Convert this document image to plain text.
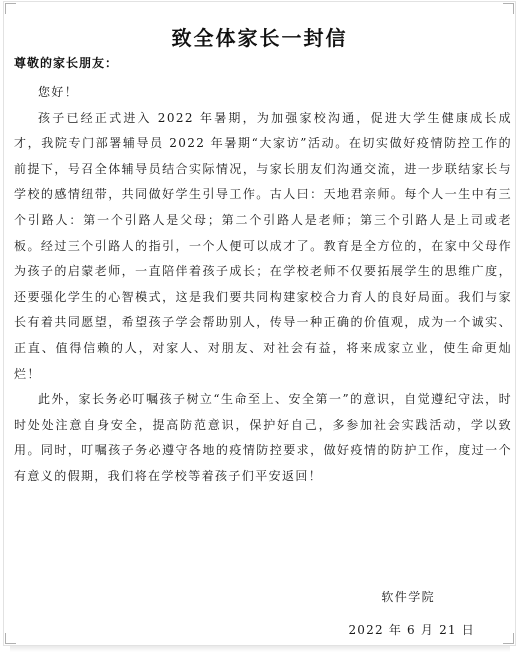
致全体家长一封信
尊敬的家长朋友：

您好！

孩子已经正式进入 2022 年暑期，为加强家校沟通，促进大学生健康成长成才，我院专门部署辅导员 2022 年暑期“大家访”活动。在切实做好疫情防控工作的前提下，号召全体辅导员结合实际情况，与家长朋友们沟通交流，进一步联结家长与学校的感情纽带，共同做好学生引导工作。古人曰：天地君亲师。每个人一生中有三个引路人：第一个引路人是父母；第二个引路人是老师；第三个引路人是上司或老板。经过三个引路人的指引，一个人便可以成才了。教育是全方位的，在家中父母作为孩子的启蒙老师，一直陪伴着孩子成长；在学校老师不仅要拓展学生的思维广度，还要强化学生的心智模式，这是我们要共同构建家校合力育人的良好局面。我们与家长有着共同愿望，希望孩子学会帮助别人，传导一种正确的价值观，成为一个诚实、正直、值得信赖的人，对家人、对朋友、对社会有益，将来成家立业，使生命更灿烂！

此外，家长务必叮嘱孩子树立“生命至上、安全第一”的意识，自觉遵纪守法，时时处处注意自身安全，提高防范意识，保护好自己，多参加社会实践活动，学以致用。同时，叮嘱孩子务必遵守各地的疫情防控要求，做好疫情的防护工作，度过一个有意义的假期，我们将在学校等着孩子们平安返回！

软件学院
2022 年 6 月 21 日
